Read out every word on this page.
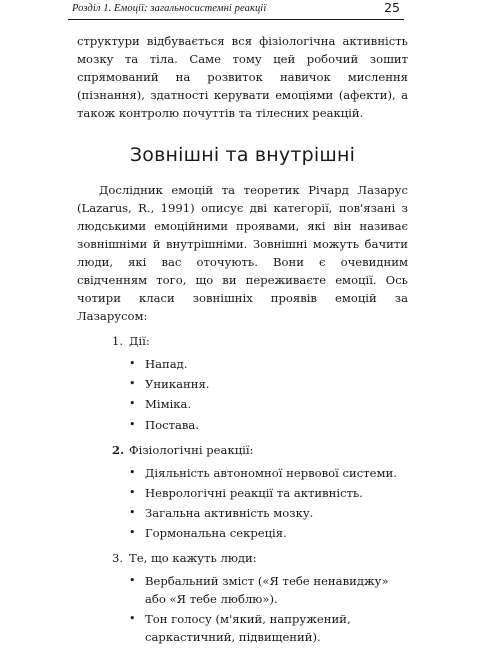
Розділ 1. Емоції: загальносистемні реакції	25

структури відбувається вся фізіологічна активність мозку та тіла. Саме тому цей робочий зошит спрямований на розвиток навичок мислення (пізнання), здатності керувати емоціями (афекти), а також контролю почуттів та тілесних реакцій.

Зовнішні та внутрішні

Дослідник емоцій та теоретик Річард Лазарус (Lazarus, R., 1991) описує дві категорії, пов'язані з людськими емоційними проявами, які він називає зовнішніми й внутрішніми. Зовнішні можуть бачити люди, які вас оточують. Вони є очевидним свідченням того, що ви переживаєте емоції. Ось чотири класи зовнішніх проявів емоцій за Лазарусом:

1. Дії:
• Напад.
• Уникання.
• Міміка.
• Постава.
2. Фізіологічні реакції:
• Діяльність автономної нервової системи.
• Неврологічні реакції та активність.
• Загальна активність мозку.
• Гормональна секреція.
3. Те, що кажуть люди:
• Вербальний зміст («Я тебе ненавиджу» або «Я тебе люблю»).
• Тон голосу (м'який, напружений, саркастичний, підвищений).
